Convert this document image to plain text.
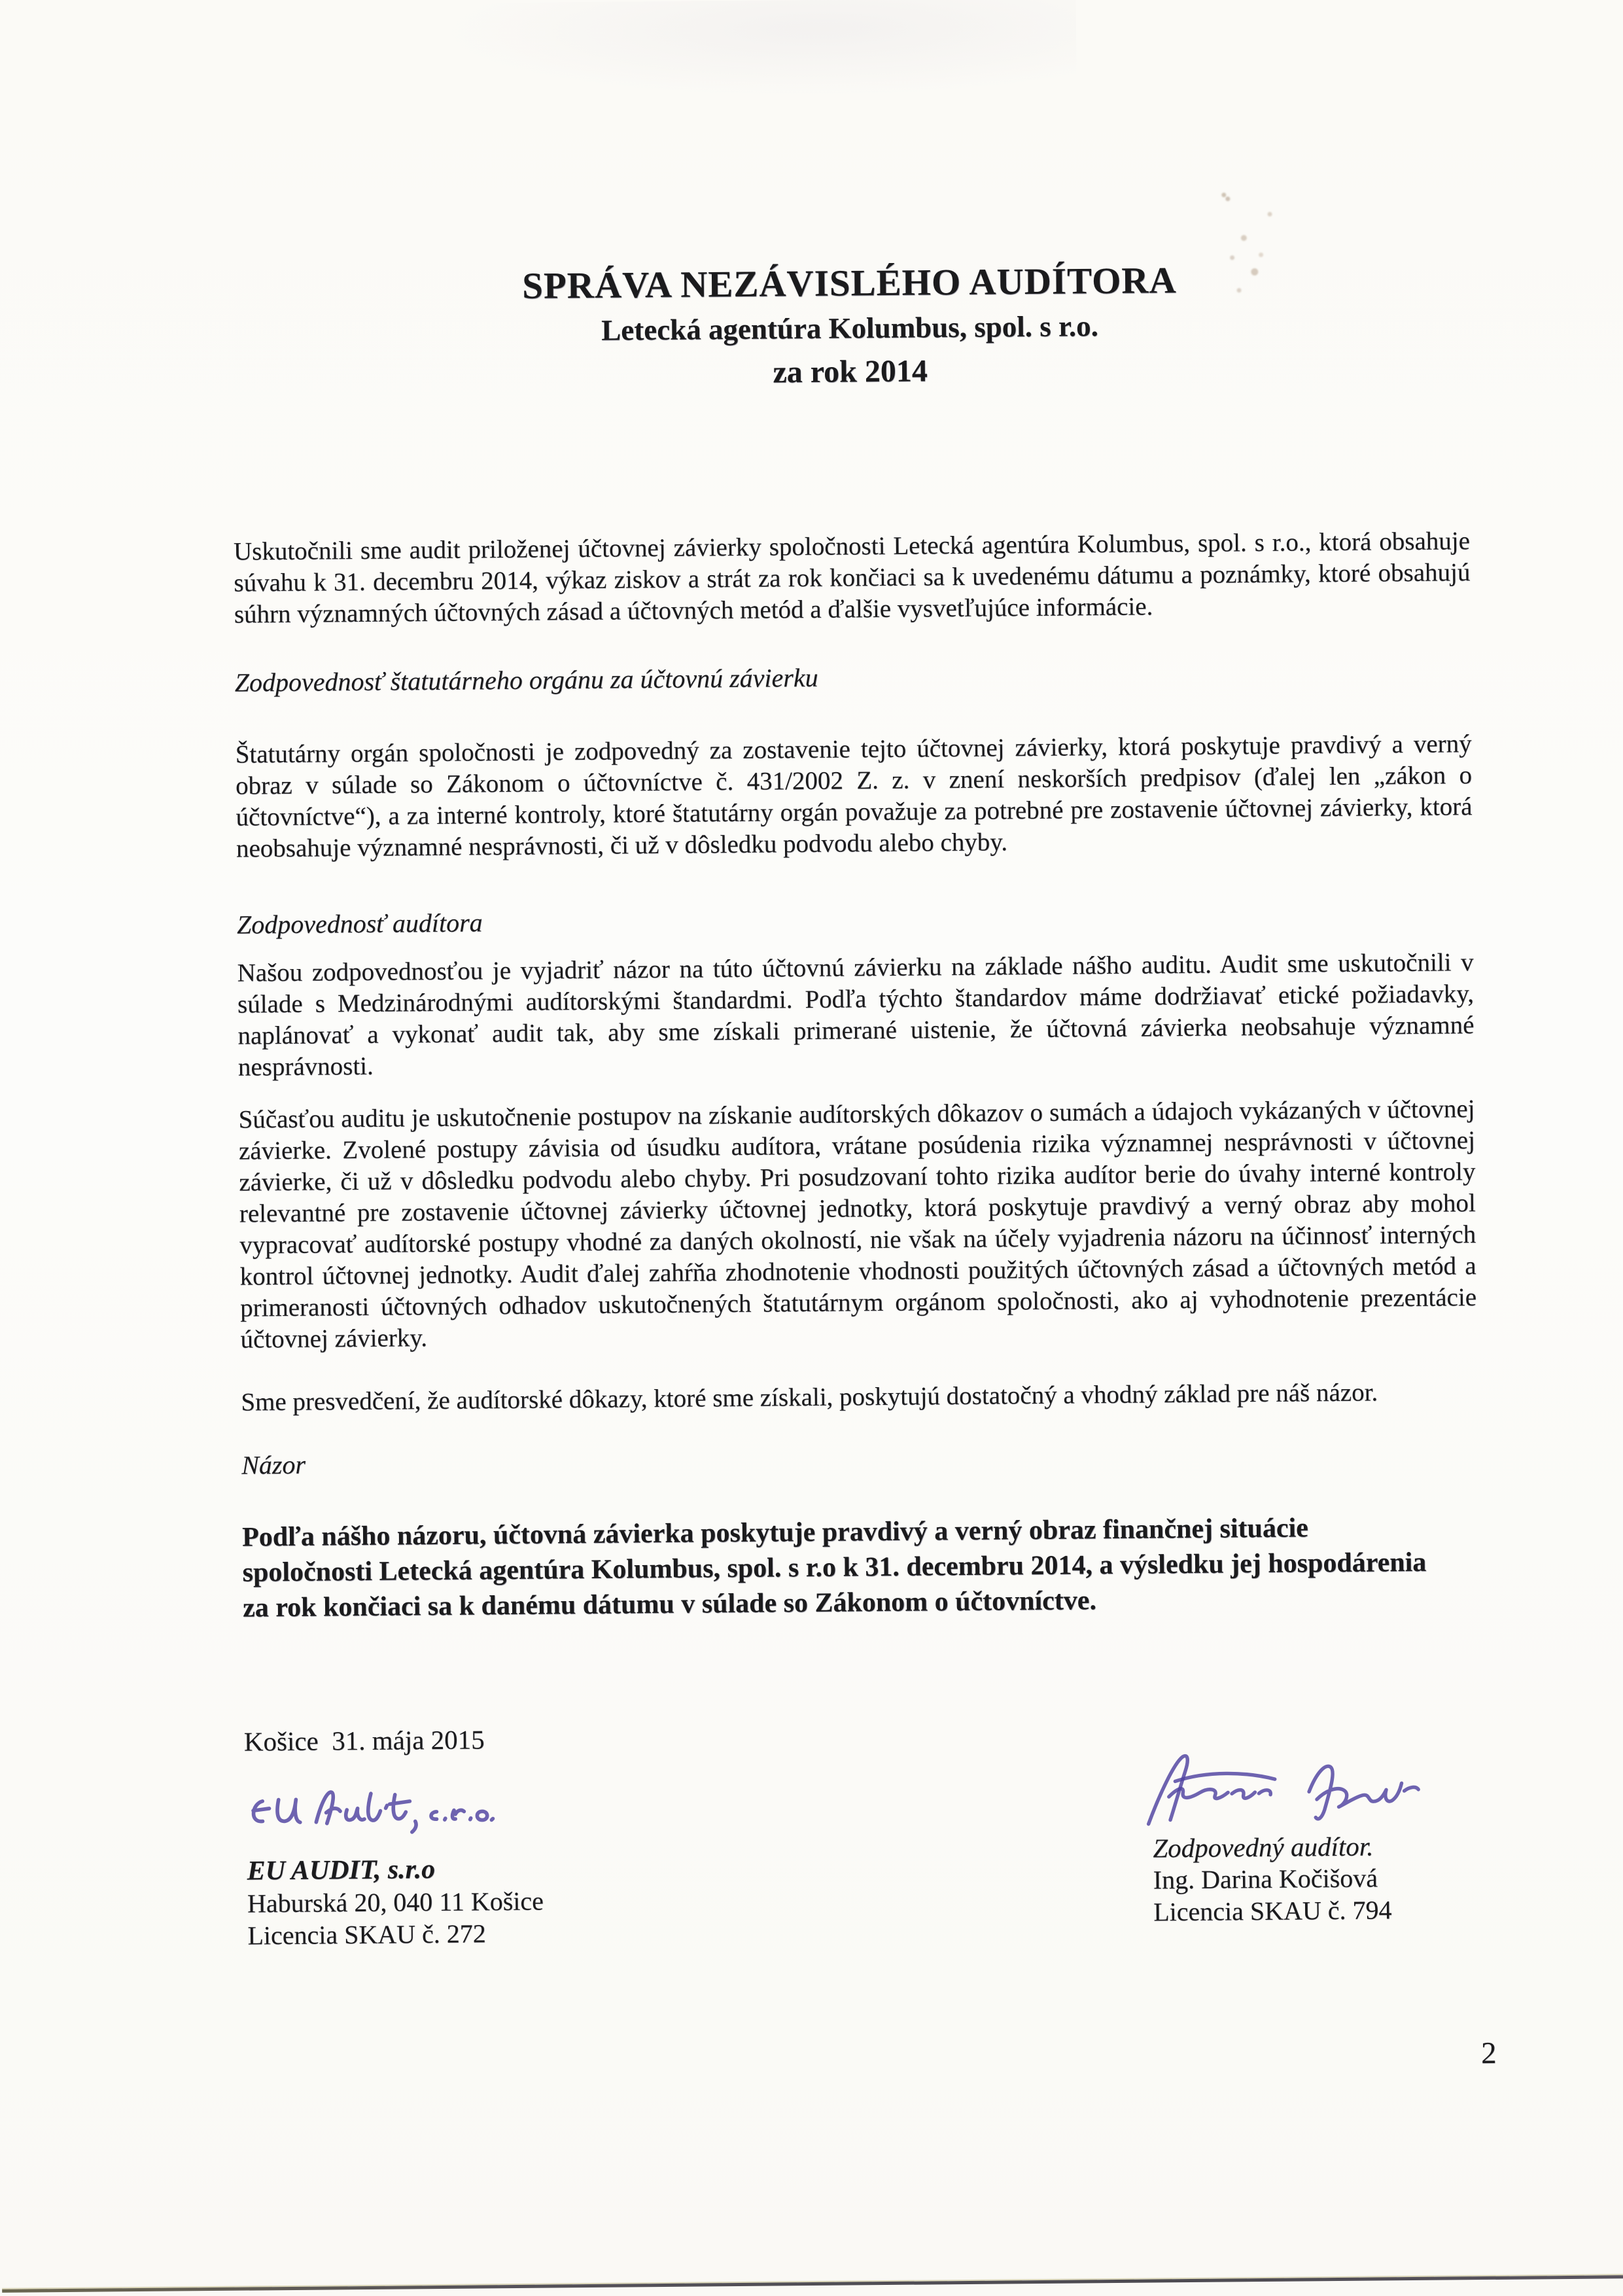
SPRÁVA NEZÁVISLÉHO AUDÍTORA
Letecká agentúra Kolumbus, spol. s r.o.
za rok 2014

Uskutočnili sme audit priloženej účtovnej závierky spoločnosti Letecká agentúra Kolumbus, spol. s r.o., ktorá obsahuje súvahu k 31. decembru 2014, výkaz ziskov a strát za rok končiaci sa k uvedenému dátumu a poznámky, ktoré obsahujú súhrn významných účtovných zásad a účtovných metód a ďalšie vysvetľujúce informácie.

Zodpovednosť štatutárneho orgánu za účtovnú závierku

Štatutárny orgán spoločnosti je zodpovedný za zostavenie tejto účtovnej závierky, ktorá poskytuje pravdivý a verný obraz v súlade so Zákonom o účtovníctve č. 431/2002 Z. z. v znení neskorších predpisov (ďalej len „zákon o účtovníctve“), a za interné kontroly, ktoré štatutárny orgán považuje za potrebné pre zostavenie účtovnej závierky, ktorá neobsahuje významné nesprávnosti, či už v dôsledku podvodu alebo chyby.

Zodpovednosť audítora

Našou zodpovednosťou je vyjadriť názor na túto účtovnú závierku na základe nášho auditu. Audit sme uskutočnili v súlade s Medzinárodnými audítorskými štandardmi. Podľa týchto štandardov máme dodržiavať etické požiadavky, naplánovať a vykonať audit tak, aby sme získali primerané uistenie, že účtovná závierka neobsahuje významné nesprávnosti.

Súčasťou auditu je uskutočnenie postupov na získanie audítorských dôkazov o sumách a údajoch vykázaných v účtovnej závierke. Zvolené postupy závisia od úsudku audítora, vrátane posúdenia rizika významnej nesprávnosti v účtovnej závierke, či už v dôsledku podvodu alebo chyby. Pri posudzovaní tohto rizika audítor berie do úvahy interné kontroly relevantné pre zostavenie účtovnej závierky účtovnej jednotky, ktorá poskytuje pravdivý a verný obraz aby mohol vypracovať audítorské postupy vhodné za daných okolností, nie však na účely vyjadrenia názoru na účinnosť interných kontrol účtovnej jednotky. Audit ďalej zahŕňa zhodnotenie vhodnosti použitých účtovných zásad a účtovných metód a primeranosti účtovných odhadov uskutočnených štatutárnym orgánom spoločnosti, ako aj vyhodnotenie prezentácie účtovnej závierky.

Sme presvedčení, že audítorské dôkazy, ktoré sme získali, poskytujú dostatočný a vhodný základ pre náš názor.

Názor

Podľa nášho názoru, účtovná závierka poskytuje pravdivý a verný obraz finančnej situácie spoločnosti Letecká agentúra Kolumbus, spol. s r.o k 31. decembru 2014, a výsledku jej hospodárenia za rok končiaci sa k danému dátumu v súlade so Zákonom o účtovníctve.

Košice  31. mája 2015
EU AUDIT, s.r.o
Haburská 20, 040 11 Košice
Licencia SKAU č. 272
Zodpovedný audítor.
Ing. Darina Kočišová
Licencia SKAU č. 794
2
